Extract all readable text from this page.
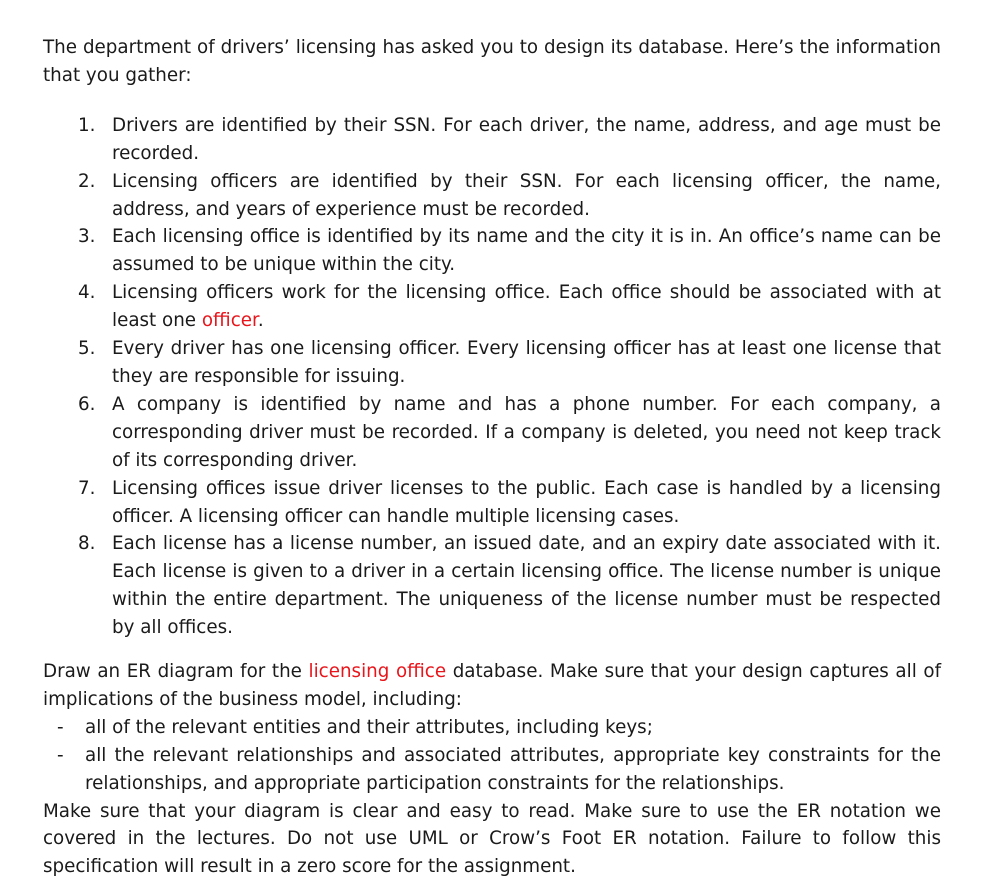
The department of drivers’ licensing has asked you to design its database. Here’s the information that you gather:

1. Drivers are identified by their SSN. For each driver, the name, address, and age must be recorded.
2. Licensing officers are identified by their SSN. For each licensing officer, the name, address, and years of experience must be recorded.
3. Each licensing office is identified by its name and the city it is in. An office’s name can be assumed to be unique within the city.
4. Licensing officers work for the licensing office. Each office should be associated with at least one officer.
5. Every driver has one licensing officer. Every licensing officer has at least one license that they are responsible for issuing.
6. A company is identified by name and has a phone number. For each company, a corresponding driver must be recorded. If a company is deleted, you need not keep track of its corresponding driver.
7. Licensing offices issue driver licenses to the public. Each case is handled by a licensing officer. A licensing officer can handle multiple licensing cases.
8. Each license has a license number, an issued date, and an expiry date associated with it. Each license is given to a driver in a certain licensing office. The license number is unique within the entire department. The uniqueness of the license number must be respected by all offices.

Draw an ER diagram for the licensing office database. Make sure that your design captures all of implications of the business model, including:

- all of the relevant entities and their attributes, including keys;
- all the relevant relationships and associated attributes, appropriate key constraints for the relationships, and appropriate participation constraints for the relationships.

Make sure that your diagram is clear and easy to read. Make sure to use the ER notation we covered in the lectures. Do not use UML or Crow’s Foot ER notation. Failure to follow this specification will result in a zero score for the assignment.
